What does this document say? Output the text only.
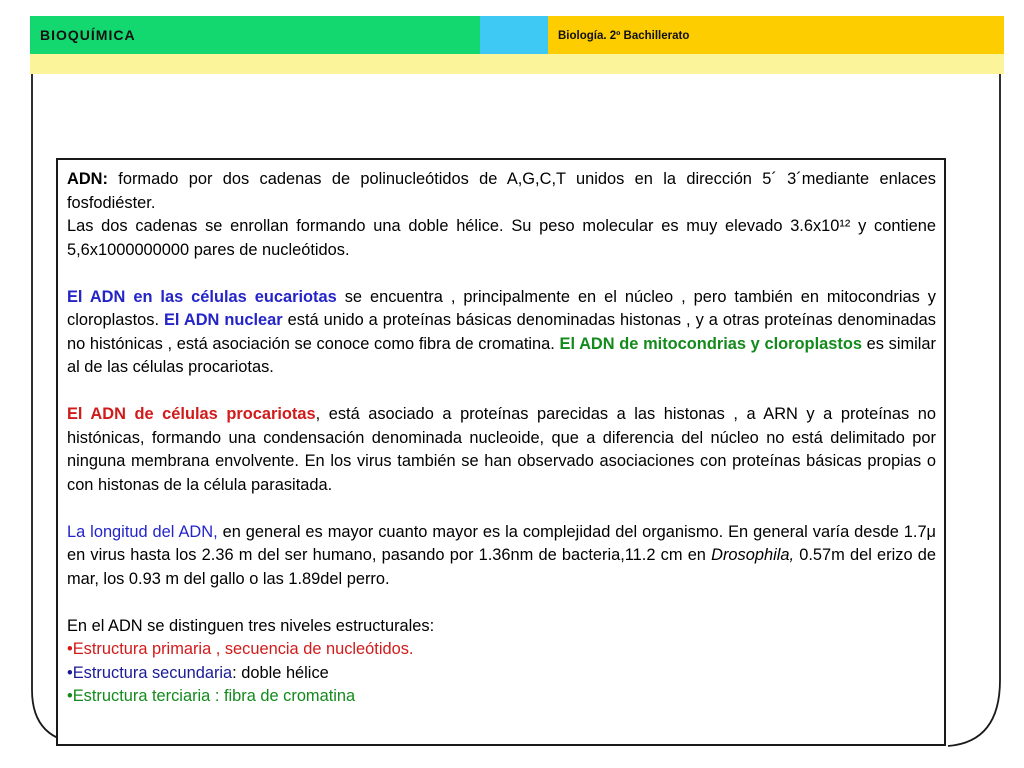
BIOQUÍMICA	Biología. 2º Bachillerato

ADN: formado por dos cadenas de polinucleótidos de A,G,C,T unidos en la dirección 5´ 3´mediante enlaces fosfodiéster.

Las dos cadenas se enrollan formando una doble hélice. Su peso molecular es muy elevado 3.6x10¹² y contiene 5,6x1000000000 pares de nucleótidos.

El ADN en las células eucariotas se encuentra , principalmente en el núcleo , pero también en mitocondrias y cloroplastos. El ADN nuclear está unido a proteínas básicas denominadas histonas , y a otras proteínas denominadas no histónicas , está asociación se conoce como fibra de cromatina. El ADN de mitocondrias y cloroplastos es similar al de las células procariotas.

El ADN de células procariotas, está asociado a proteínas parecidas a las histonas , a ARN y a proteínas no histónicas, formando una condensación denominada nucleoide, que a diferencia del núcleo no está delimitado por ninguna membrana envolvente. En los virus también se han observado asociaciones con proteínas básicas propias o con histonas de la célula parasitada.

La longitud del ADN, en general es mayor cuanto mayor es la complejidad del organismo. En general varía desde 1.7μ en virus hasta los 2.36 m del ser humano, pasando por 1.36nm de bacteria,11.2 cm en Drosophila, 0.57m del erizo de mar, los 0.93 m del gallo o las 1.89del perro.

En el ADN se distinguen tres niveles estructurales:

•Estructura primaria , secuencia de nucleótidos.

•Estructura secundaria: doble hélice

•Estructura terciaria : fibra de cromatina
